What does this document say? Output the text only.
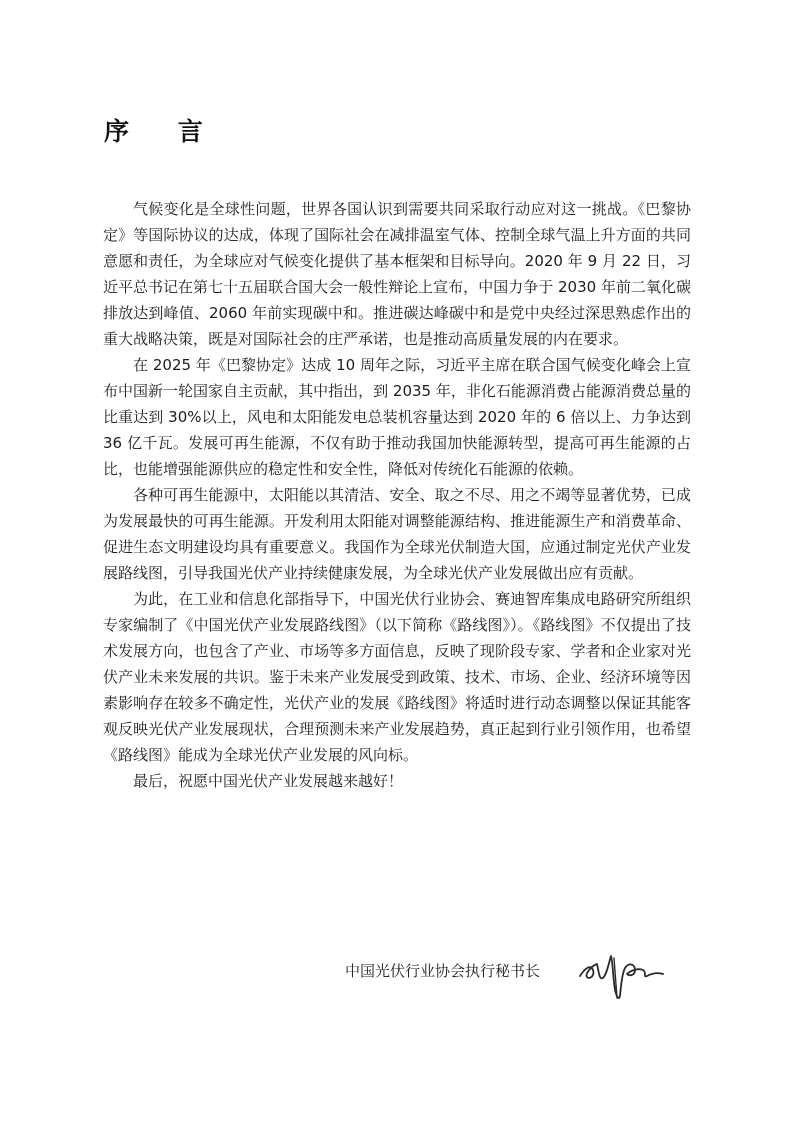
序 言

气候变化是全球性问题，世界各国认识到需要共同采取行动应对这一挑战。《巴黎协定》等国际协议的达成，体现了国际社会在减排温室气体、控制全球气温上升方面的共同意愿和责任，为全球应对气候变化提供了基本框架和目标导向。2020 年 9 月 22 日，习近平总书记在第七十五届联合国大会一般性辩论上宣布，中国力争于 2030 年前二氧化碳排放达到峰值、2060 年前实现碳中和。推进碳达峰碳中和是党中央经过深思熟虑作出的重大战略决策，既是对国际社会的庄严承诺，也是推动高质量发展的内在要求。

在 2025 年《巴黎协定》达成 10 周年之际，习近平主席在联合国气候变化峰会上宣布中国新一轮国家自主贡献，其中指出，到 2035 年，非化石能源消费占能源消费总量的比重达到 30%以上，风电和太阳能发电总装机容量达到 2020 年的 6 倍以上、力争达到 36 亿千瓦。发展可再生能源，不仅有助于推动我国加快能源转型，提高可再生能源的占比，也能增强能源供应的稳定性和安全性，降低对传统化石能源的依赖。

各种可再生能源中，太阳能以其清洁、安全、取之不尽、用之不竭等显著优势，已成为发展最快的可再生能源。开发利用太阳能对调整能源结构、推进能源生产和消费革命、促进生态文明建设均具有重要意义。我国作为全球光伏制造大国，应通过制定光伏产业发展路线图，引导我国光伏产业持续健康发展，为全球光伏产业发展做出应有贡献。

为此，在工业和信息化部指导下，中国光伏行业协会、赛迪智库集成电路研究所组织专家编制了《中国光伏产业发展路线图》（以下简称《路线图》）。《路线图》不仅提出了技术发展方向，也包含了产业、市场等多方面信息，反映了现阶段专家、学者和企业家对光伏产业未来发展的共识。鉴于未来产业发展受到政策、技术、市场、企业、经济环境等因素影响存在较多不确定性，光伏产业的发展《路线图》将适时进行动态调整以保证其能客观反映光伏产业发展现状，合理预测未来产业发展趋势，真正起到行业引领作用，也希望《路线图》能成为全球光伏产业发展的风向标。

最后，祝愿中国光伏产业发展越来越好！

中国光伏行业协会执行秘书长
